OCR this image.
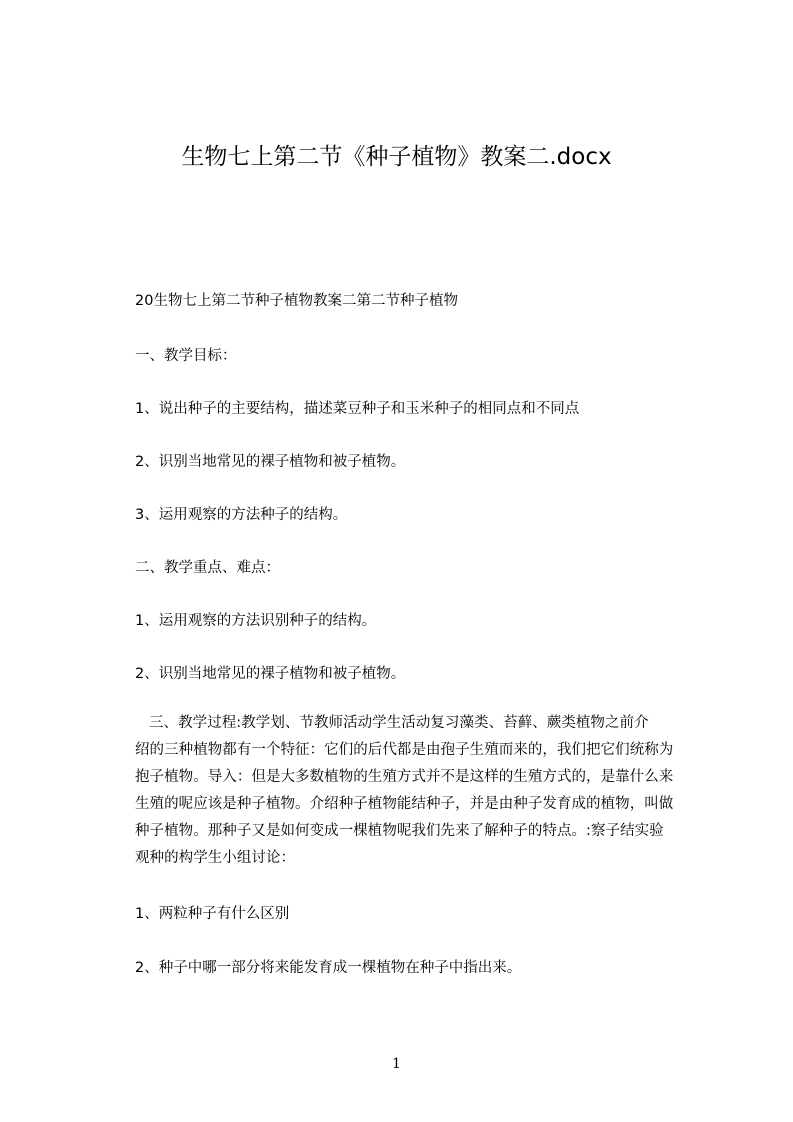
生物七上第二节《种子植物》教案二.docx
20生物七上第二节种子植物教案二第二节种子植物
一、教学目标：
1、说出种子的主要结构，描述菜豆种子和玉米种子的相同点和不同点
2、识别当地常见的裸子植物和被子植物。
3、运用观察的方法种子的结构。
二、教学重点、难点：
1、运用观察的方法识别种子的结构。
2、识别当地常见的裸子植物和被子植物。
三、教学过程:教学划、节教师活动学生活动复习藻类、苔藓、蕨类植物之前介
绍的三种植物都有一个特征：它们的后代都是由孢子生殖而来的，我们把它们统称为
抱子植物。导入：但是大多数植物的生殖方式并不是这样的生殖方式的，是靠什么来
生殖的呢应该是种子植物。介绍种子植物能结种子，并是由种子发育成的植物，叫做
种子植物。那种子又是如何变成一棵植物呢我们先来了解种子的特点。:察子结实验
观种的构学生小组讨论：
1、两粒种子有什么区别
2、种子中哪一部分将来能发育成一棵植物在种子中指出来。
1
